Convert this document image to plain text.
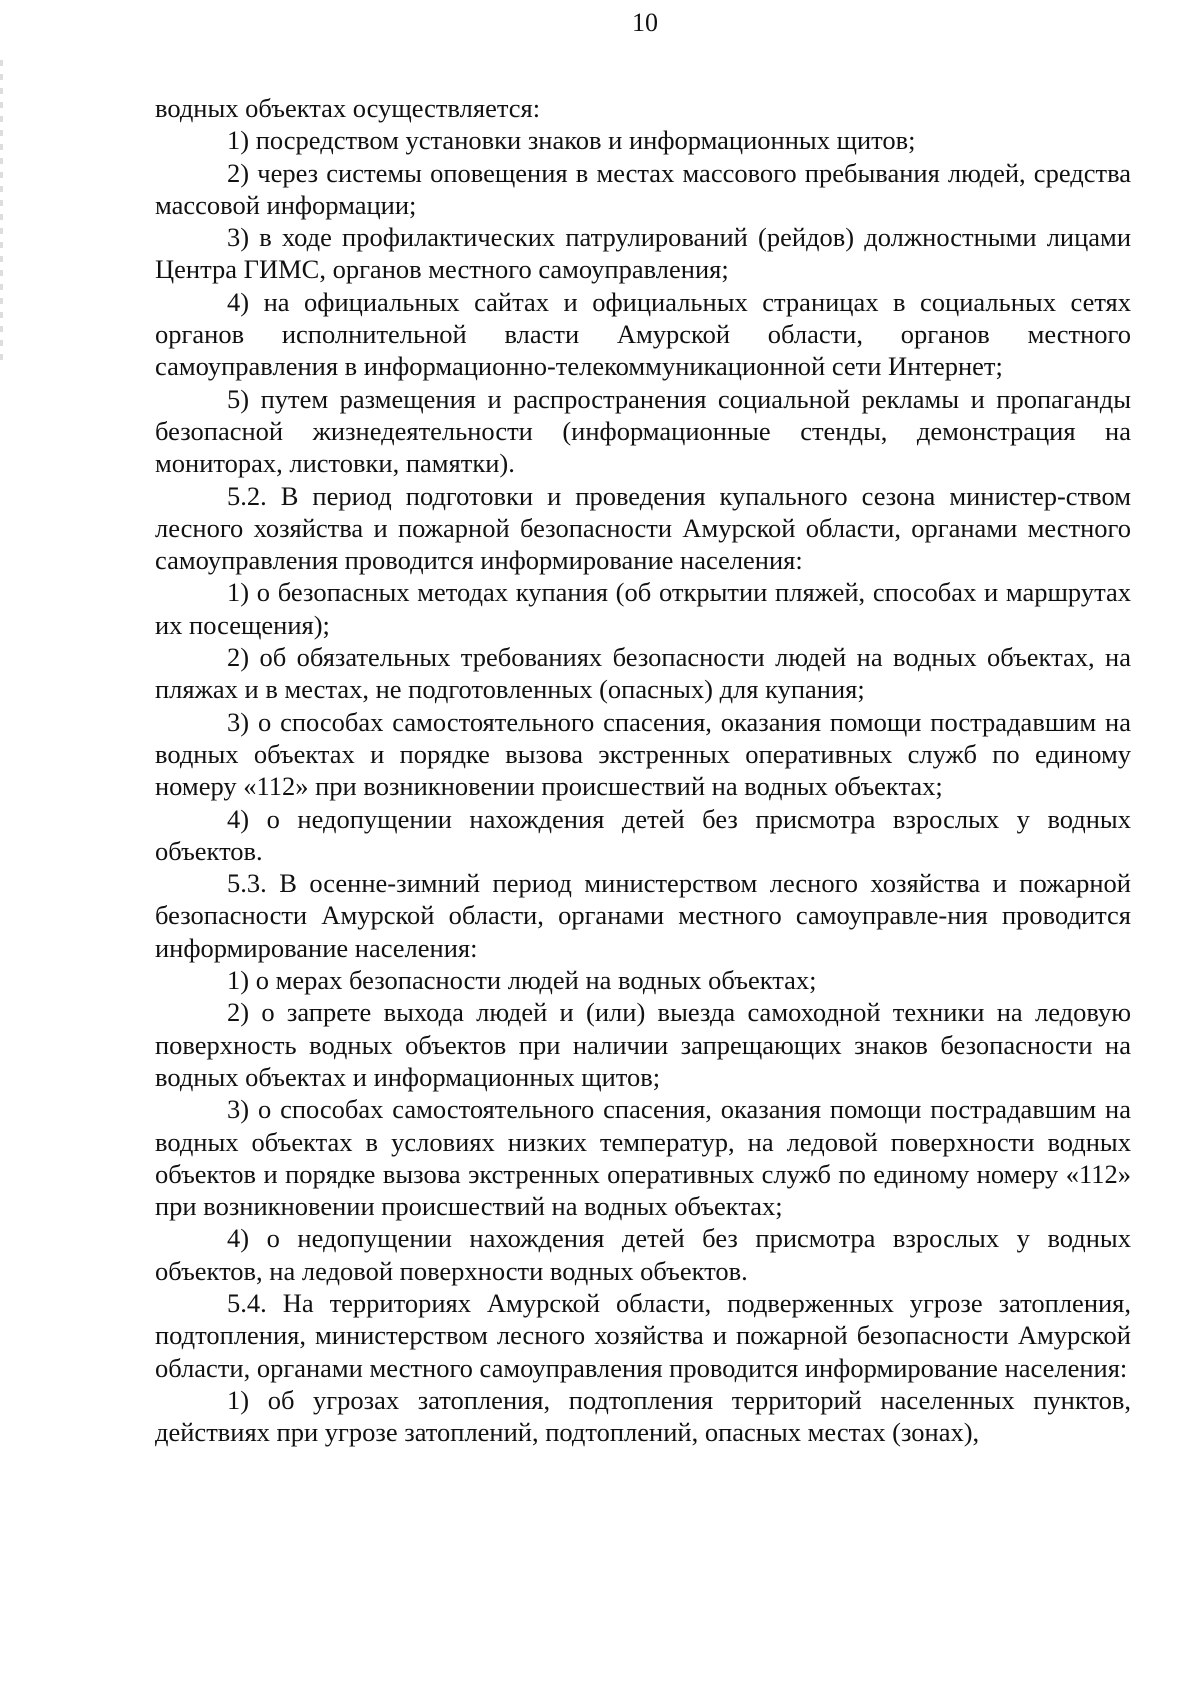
10

водных объектах осуществляется:

1) посредством установки знаков и информационных щитов;

2) через системы оповещения в местах массового пребывания людей, средства массовой информации;

3) в ходе профилактических патрулирований (рейдов) должностными лицами Центра ГИМС, органов местного самоуправления;

4) на официальных сайтах и официальных страницах в социальных сетях органов исполнительной власти Амурской области, органов местного самоуправления в информационно-телекоммуникационной сети Интернет;

5) путем размещения и распространения социальной рекламы и пропаганды безопасной жизнедеятельности (информационные стенды, демонстрация на мониторах, листовки, памятки).

5.2. В период подготовки и проведения купального сезона министер-ством лесного хозяйства и пожарной безопасности Амурской области, органами местного самоуправления проводится информирование населения:

1) о безопасных методах купания (об открытии пляжей, способах и маршрутах их посещения);

2) об обязательных требованиях безопасности людей на водных объектах, на пляжах и в местах, не подготовленных (опасных) для купания;

3) о способах самостоятельного спасения, оказания помощи пострадавшим на водных объектах и порядке вызова экстренных оперативных служб по единому номеру «112» при возникновении происшествий на водных объектах;

4) о недопущении нахождения детей без присмотра взрослых у водных объектов.

5.3. В осенне-зимний период министерством лесного хозяйства и пожарной безопасности Амурской области, органами местного самоуправле-ния проводится информирование населения:

1) о мерах безопасности людей на водных объектах;

2) о запрете выхода людей и (или) выезда самоходной техники на ледовую поверхность водных объектов при наличии запрещающих знаков безопасности на водных объектах и информационных щитов;

3) о способах самостоятельного спасения, оказания помощи пострадавшим на водных объектах в условиях низких температур, на ледовой поверхности водных объектов и порядке вызова экстренных оперативных служб по единому номеру «112» при возникновении происшествий на водных объектах;

4) о недопущении нахождения детей без присмотра взрослых у водных объектов, на ледовой поверхности водных объектов.

5.4. На территориях Амурской области, подверженных угрозе затопления, подтопления, министерством лесного хозяйства и пожарной безопасности Амурской области, органами местного самоуправления проводится информирование населения:

1) об угрозах затопления, подтопления территорий населенных пунктов, действиях при угрозе затоплений, подтоплений, опасных местах (зонах),
